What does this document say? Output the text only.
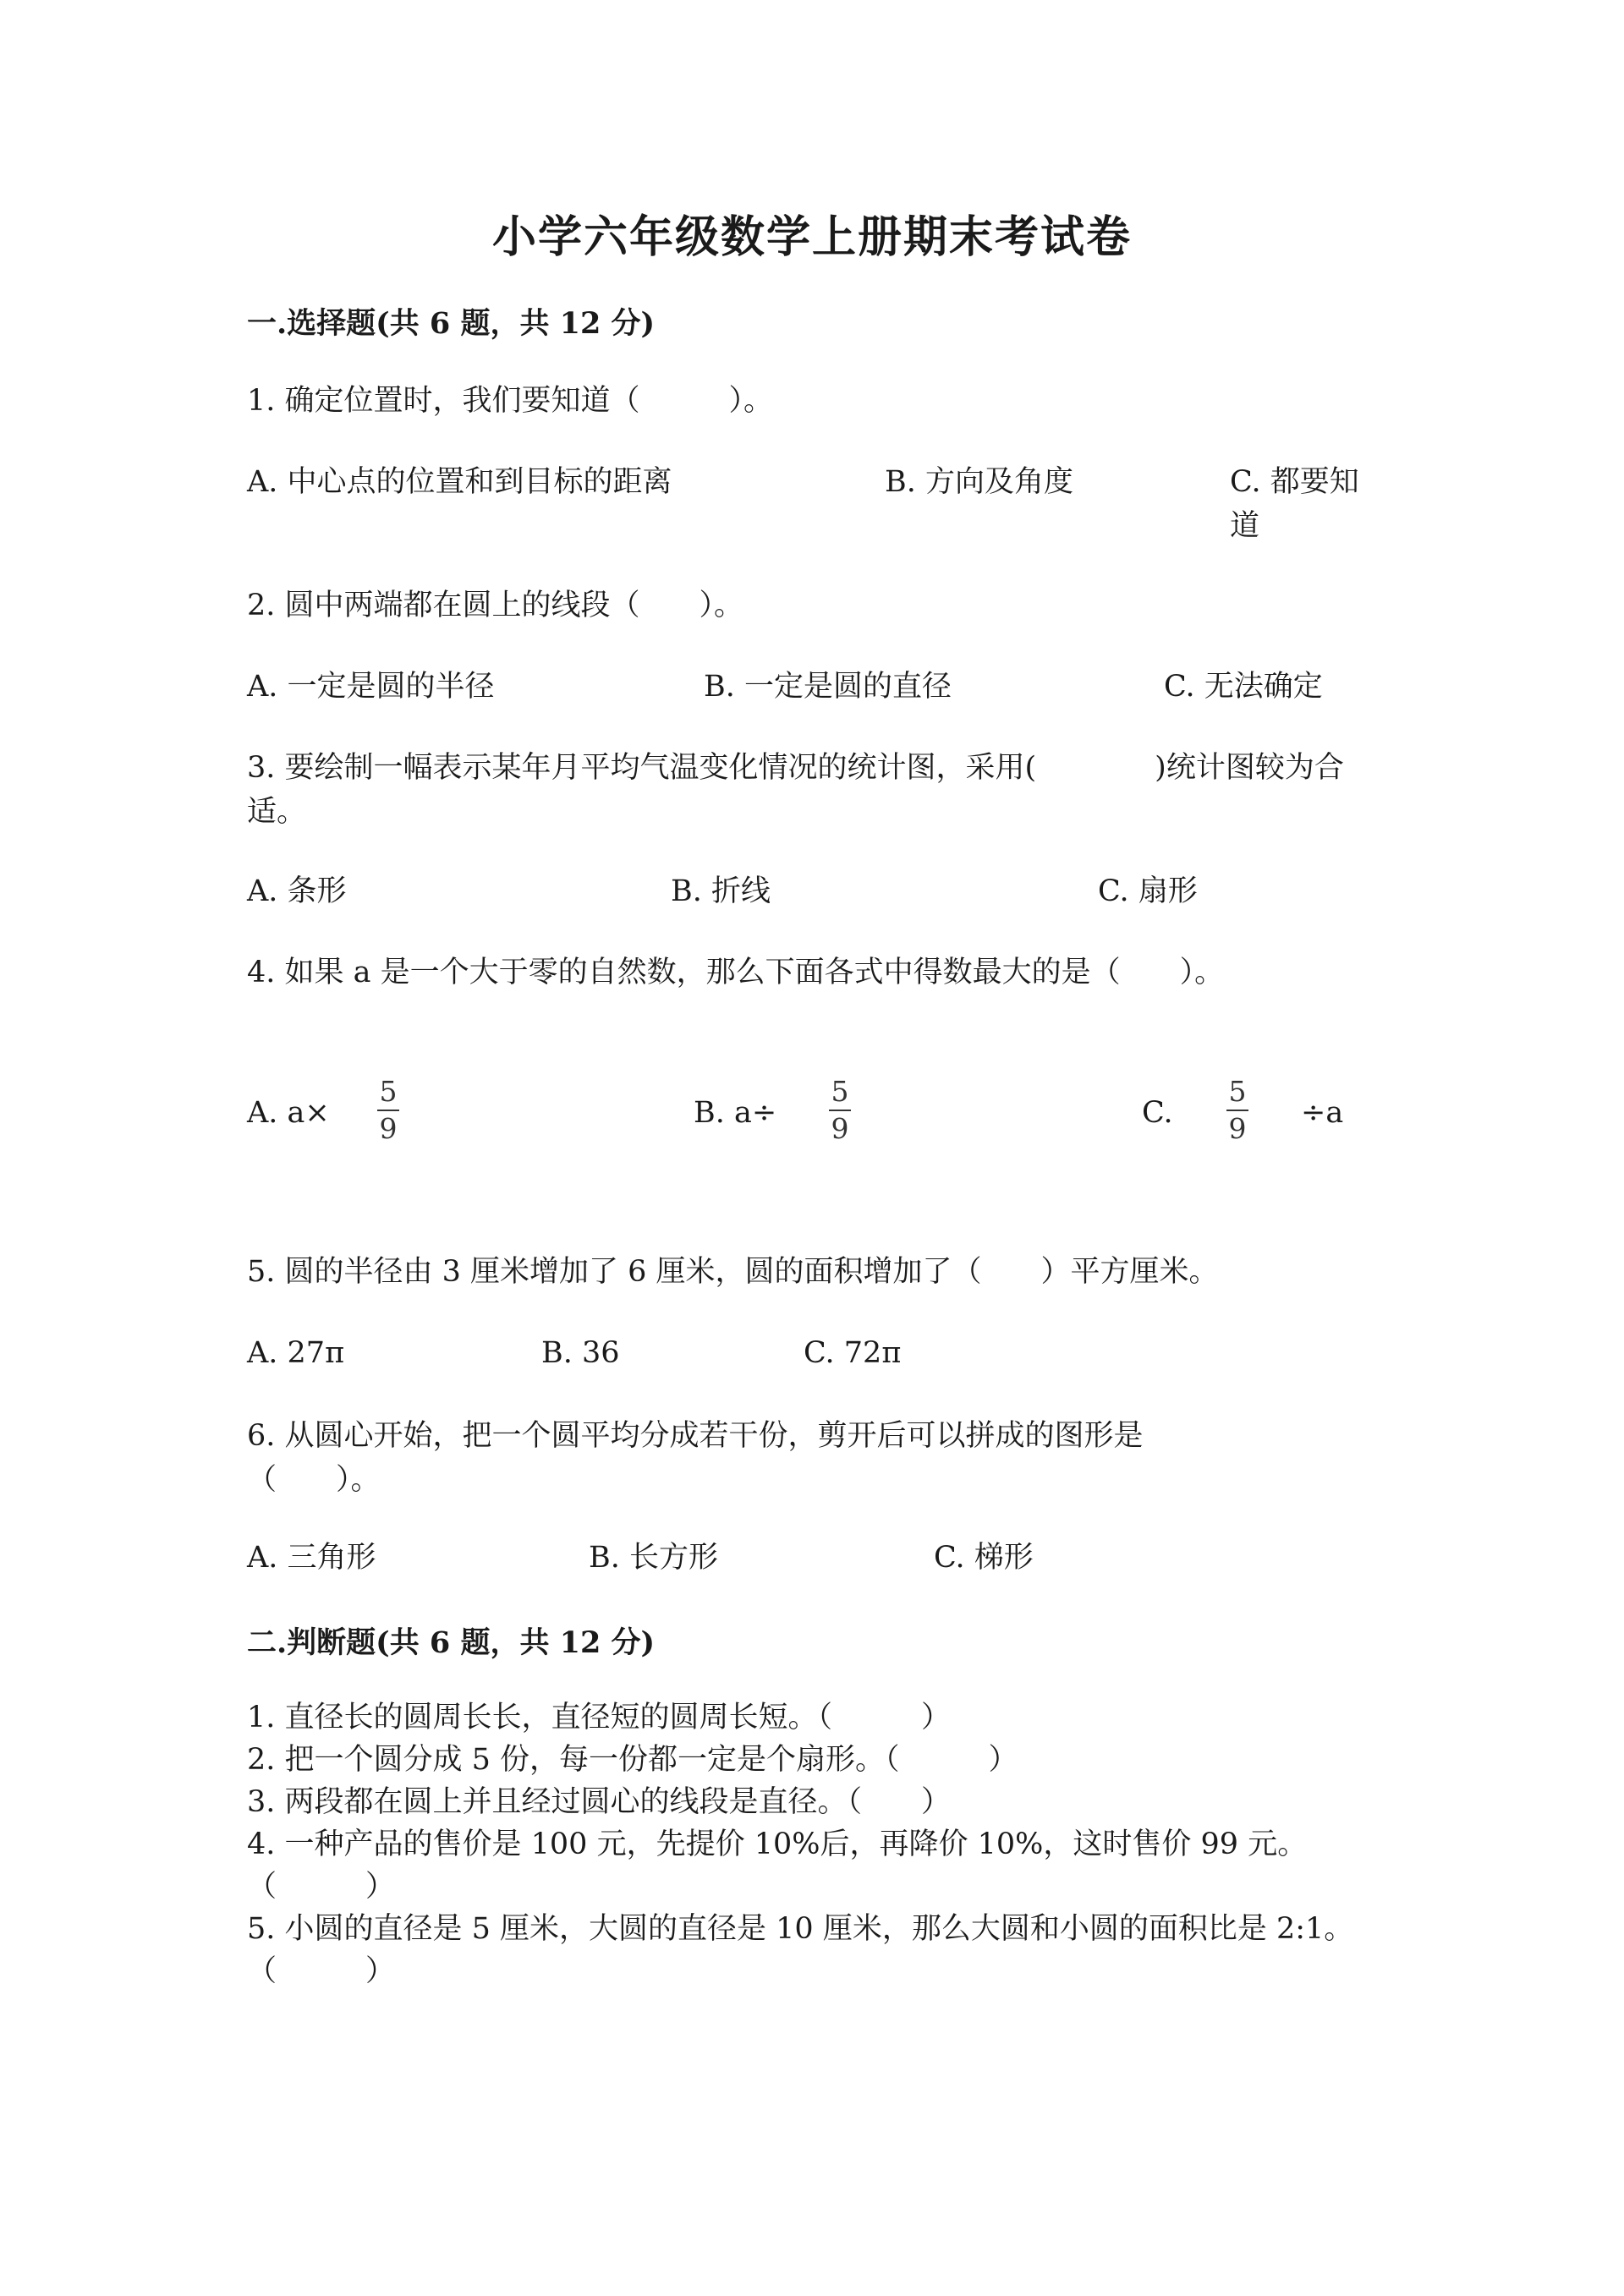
小学六年级数学上册期末考试卷
一.选择题(共 6 题，共 12 分)
1. 确定位置时，我们要知道（　　　）。
A. 中心点的位置和到目标的距离	B. 方向及角度	C. 都要知道
2. 圆中两端都在圆上的线段（　　）。
A. 一定是圆的半径	B. 一定是圆的直径	C. 无法确定
3. 要绘制一幅表示某年月平均气温变化情况的统计图，采用(　　　　)统计图较为合适。
A. 条形	B. 折线	C. 扇形
4. 如果 a 是一个大于零的自然数，那么下面各式中得数最大的是（　　）。
A. a×
5
9	B. a÷
5
9	C.
5
9 ÷a
5. 圆的半径由 3 厘米增加了 6 厘米，圆的面积增加了（　　）平方厘米。
A. 27π	B. 36	C. 72π
6. 从圆心开始，把一个圆平均分成若干份，剪开后可以拼成的图形是（　　）。
A. 三角形	B. 长方形	C. 梯形
二.判断题(共 6 题，共 12 分)
1. 直径长的圆周长长，直径短的圆周长短。（　　　）
2. 把一个圆分成 5 份，每一份都一定是个扇形。（　　　）
3. 两段都在圆上并且经过圆心的线段是直径。（　　）
4. 一种产品的售价是 100 元，先提价 10%后，再降价 10%，这时售价 99 元。（　　　）
5. 小圆的直径是 5 厘米，大圆的直径是 10 厘米，那么大圆和小圆的面积比是 2:1。（　　　）
